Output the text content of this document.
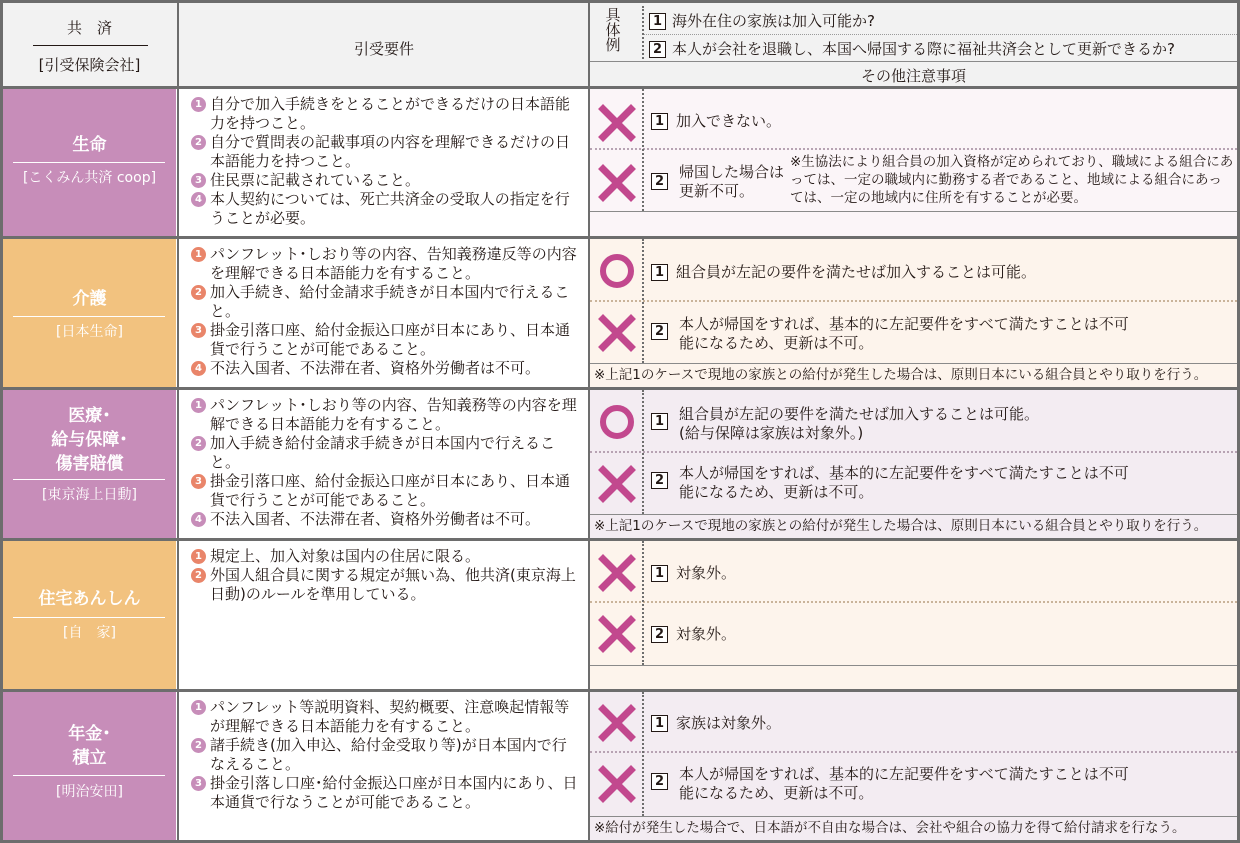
共　済
[引受保険会社]
引受要件	具体例	1 海外在住の家族は加入可能か?
2 本人が会社を退職し、本国へ帰国する際に福祉共済会として更新できるか?
その他注意事項
生命
[こくみん共済 coop]
1 自分で加入手続きをとることができるだけの日本語能力を持つこと。
2 自分で質問表の記載事項の内容を理解できるだけの日本語能力を持つこと。
3 住民票に記載されていること。
4 本人契約については、死亡共済金の受取人の指定を行うことが必要。
1 加入できない。
2
帰国した場合は更新不可。
※生協法により組合員の加入資格が定められており、職域による組合にあっては、一定の職域内に勤務する者であること、地域による組合にあっては、一定の地域内に住所を有することが必要。
介護
[日本生命]
1 パンフレット･しおり等の内容、告知義務違反等の内容を理解できる日本語能力を有すること。
2 加入手続き、給付金請求手続きが日本国内で行えること。
3 掛金引落口座、給付金振込口座が日本にあり、日本通貨で行うことが可能であること。
4 不法入国者、不法滞在者、資格外労働者は不可。
1 組合員が左記の要件を満たせば加入することは可能。
2 本人が帰国をすれば、基本的に左記要件をすべて満たすことは不可能になるため、更新は不可。
※上記1のケースで現地の家族との給付が発生した場合は、原則日本にいる組合員とやり取りを行う。
医療･
給与保障･
傷害賠償
[東京海上日動]
1 パンフレット･しおり等の内容、告知義務等の内容を理解できる日本語能力を有すること。
2 加入手続き給付金請求手続きが日本国内で行えること。
3 掛金引落口座、給付金振込口座が日本にあり、日本通貨で行うことが可能であること。
4 不法入国者、不法滞在者、資格外労働者は不可。
1 組合員が左記の要件を満たせば加入することは可能。(給与保障は家族は対象外。)
2 本人が帰国をすれば、基本的に左記要件をすべて満たすことは不可能になるため、更新は不可。
※上記1のケースで現地の家族との給付が発生した場合は、原則日本にいる組合員とやり取りを行う。
住宅あんしん
[自　家]
1 規定上、加入対象は国内の住居に限る。
2 外国人組合員に関する規定が無い為、他共済(東京海上日動)のルールを準用している。
1 対象外。
2 対象外。
年金･
積立
[明治安田]
1 パンフレット等説明資料、契約概要、注意喚起情報等が理解できる日本語能力を有すること。
2 諸手続き(加入申込、給付金受取り等)が日本国内で行なえること。
3 掛金引落し口座･給付金振込口座が日本国内にあり、日本通貨で行なうことが可能であること。
1 家族は対象外。
2 本人が帰国をすれば、基本的に左記要件をすべて満たすことは不可能になるため、更新は不可。
※給付が発生した場合で、日本語が不自由な場合は、会社や組合の協力を得て給付請求を行なう。
